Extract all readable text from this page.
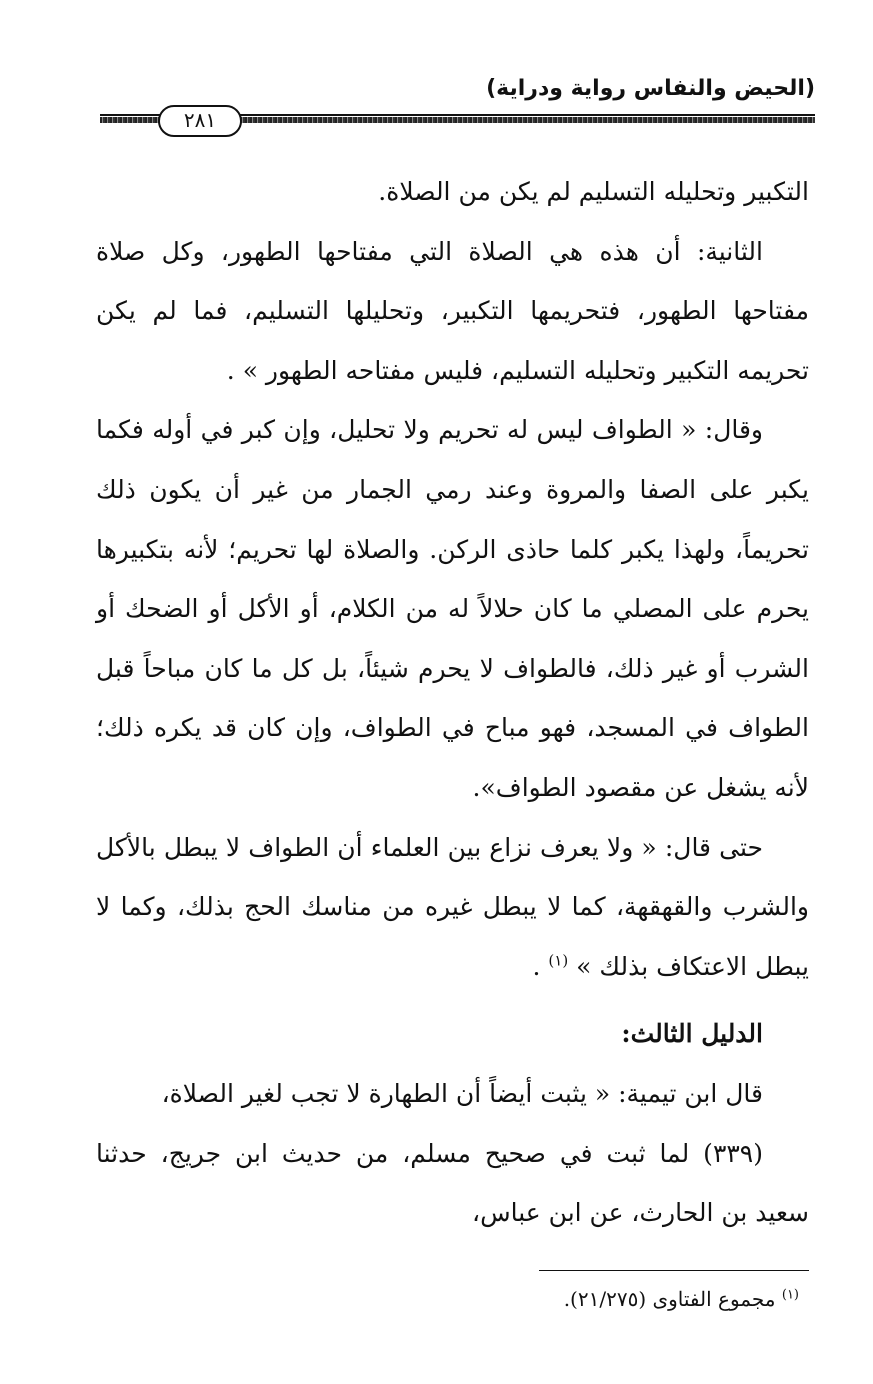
(الحيض والنفاس رواية ودراية)
٢٨١

التكبير وتحليله التسليم لم يكن من الصلاة.

الثانية: أن هذه هي الصلاة التي مفتاحها الطهور، وكل صلاة مفتاحها الطهور، فتحريمها التكبير، وتحليلها التسليم، فما لم يكن تحريمه التكبير وتحليله التسليم، فليس مفتاحه الطهور » .

وقال: « الطواف ليس له تحريم ولا تحليل، وإن كبر في أوله فكما يكبر على الصفا والمروة وعند رمي الجمار من غير أن يكون ذلك تحريماً، ولهذا يكبر كلما حاذى الركن. والصلاة لها تحريم؛ لأنه بتكبيرها يحرم على المصلي ما كان حلالاً له من الكلام، أو الأكل أو الضحك أو الشرب أو غير ذلك، فالطواف لا يحرم شيئاً، بل كل ما كان مباحاً قبل الطواف في المسجد، فهو مباح في الطواف، وإن كان قد يكره ذلك؛ لأنه يشغل عن مقصود الطواف».

حتى قال: « ولا يعرف نزاع بين العلماء أن الطواف لا يبطل بالأكل والشرب والقهقهة، كما لا يبطل غيره من مناسك الحج بذلك، وكما لا يبطل الاعتكاف بذلك » $^{(١)}$ .

الدليل الثالث:

قال ابن تيمية: « يثبت أيضاً أن الطهارة لا تجب لغير الصلاة،

(٣٣٩) لما ثبت في صحيح مسلم، من حديث ابن جريج، حدثنا سعيد بن الحارث، عن ابن عباس،

$^{(١)}$ مجموع الفتاوى (٢١/٢٧٥).
